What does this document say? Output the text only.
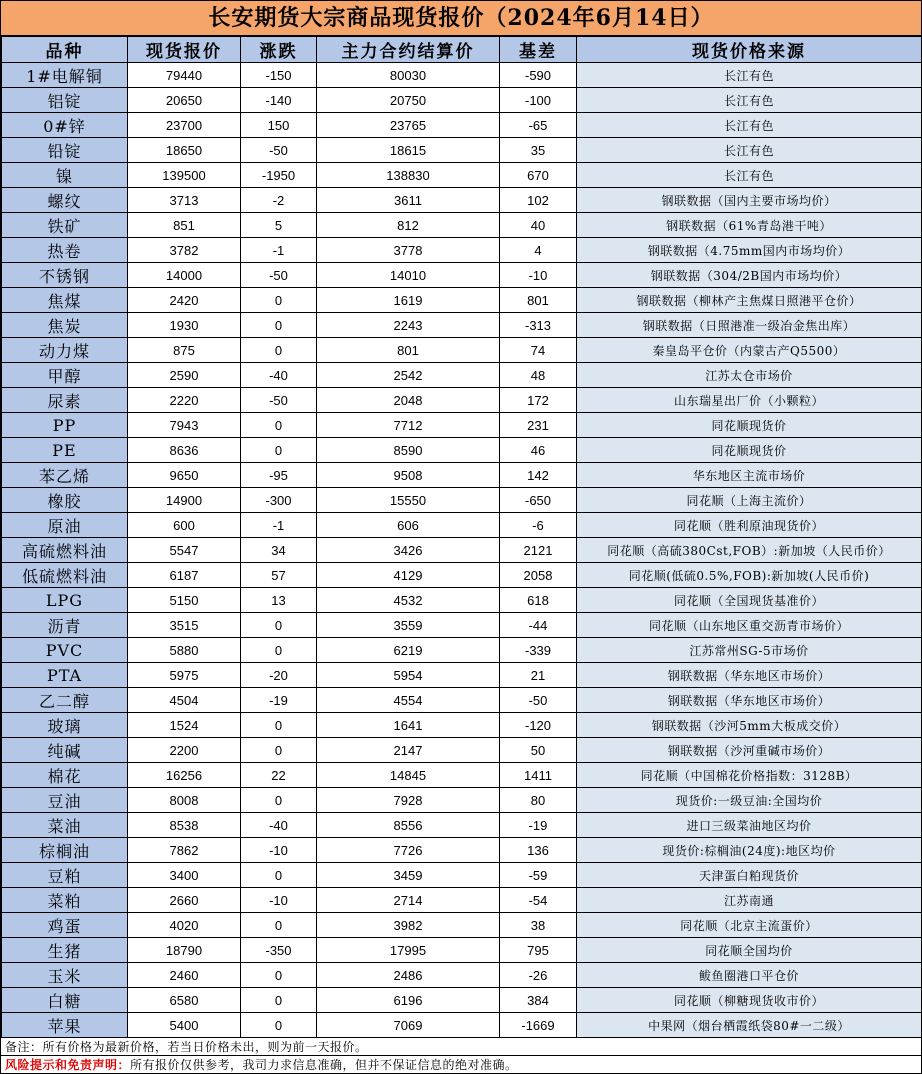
长安期货大宗商品现货报价（2024年6月14日）
品种	现货报价	涨跌	主力合约结算价	基差	现货价格来源
1#电解铜	79440	-150	80030	-590	长江有色
铝锭	20650	-140	20750	-100	长江有色
0#锌	23700	150	23765	-65	长江有色
铅锭	18650	-50	18615	35	长江有色
镍	139500	-1950	138830	670	长江有色
螺纹	3713	-2	3611	102	钢联数据（国内主要市场均价）
铁矿	851	5	812	40	钢联数据（61%青岛港干吨）
热卷	3782	-1	3778	4	钢联数据（4.75mm国内市场均价）
不锈钢	14000	-50	14010	-10	钢联数据（304/2B国内市场均价）
焦煤	2420	0	1619	801	钢联数据（柳林产主焦煤日照港平仓价）
焦炭	1930	0	2243	-313	钢联数据（日照港准一级冶金焦出库）
动力煤	875	0	801	74	秦皇岛平仓价（内蒙古产Q5500）
甲醇	2590	-40	2542	48	江苏太仓市场价
尿素	2220	-50	2048	172	山东瑞星出厂价（小颗粒）
PP	7943	0	7712	231	同花顺现货价
PE	8636	0	8590	46	同花顺现货价
苯乙烯	9650	-95	9508	142	华东地区主流市场价
橡胶	14900	-300	15550	-650	同花顺（上海主流价）
原油	600	-1	606	-6	同花顺（胜利原油现货价）
高硫燃料油	5547	34	3426	2121	同花顺（高硫380Cst,FOB）:新加坡（人民币价）
低硫燃料油	6187	57	4129	2058	同花顺(低硫0.5%,FOB):新加坡(人民币价)
LPG	5150	13	4532	618	同花顺（全国现货基准价）
沥青	3515	0	3559	-44	同花顺（山东地区重交沥青市场价）
PVC	5880	0	6219	-339	江苏常州SG-5市场价
PTA	5975	-20	5954	21	钢联数据（华东地区市场价）
乙二醇	4504	-19	4554	-50	钢联数据（华东地区市场价）
玻璃	1524	0	1641	-120	钢联数据（沙河5mm大板成交价）
纯碱	2200	0	2147	50	钢联数据（沙河重碱市场价）
棉花	16256	22	14845	1411	同花顺（中国棉花价格指数：3128B）
豆油	8008	0	7928	80	现货价:一级豆油:全国均价
菜油	8538	-40	8556	-19	进口三级菜油地区均价
棕榈油	7862	-10	7726	136	现货价:棕榈油(24度):地区均价
豆粕	3400	0	3459	-59	天津蛋白粕现货价
菜粕	2660	-10	2714	-54	江苏南通
鸡蛋	4020	0	3982	38	同花顺（北京主流蛋价）
生猪	18790	-350	17995	795	同花顺全国均价
玉米	2460	0	2486	-26	鲅鱼圈港口平仓价
白糖	6580	0	6196	384	同花顺（柳糖现货收市价）
苹果	5400	0	7069	-1669	中果网（烟台栖霞纸袋80#一二级）
备注：所有价格为最新价格，若当日价格未出，则为前一天报价。
风险提示和免责声明：所有报价仅供参考，我司力求信息准确，但并不保证信息的绝对准确。
